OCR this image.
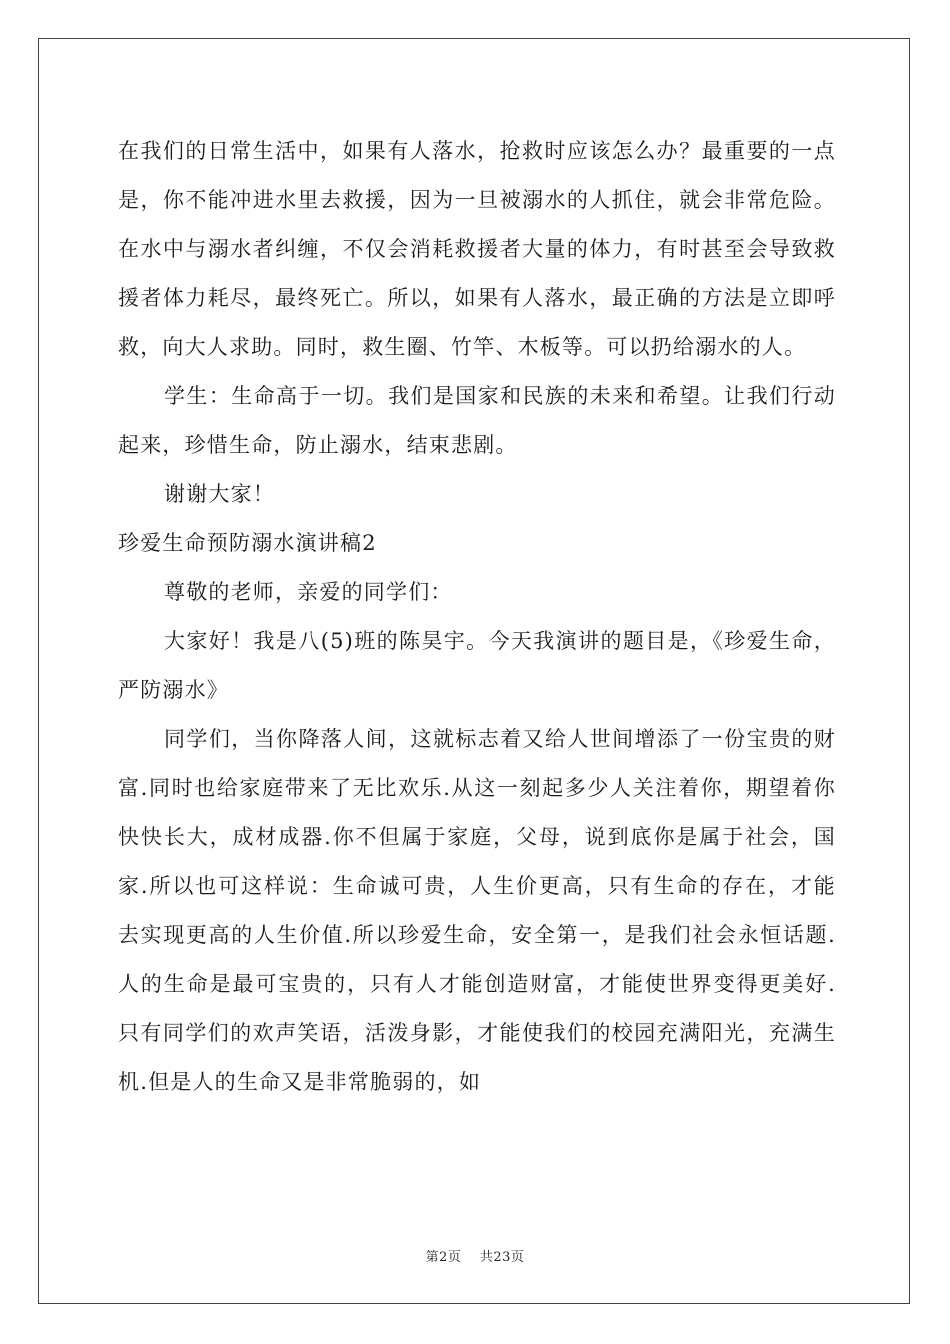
在我们的日常生活中，如果有人落水，抢救时应该怎么办？最重要的一点是，你不能冲进水里去救援，因为一旦被溺水的人抓住，就会非常危险。在水中与溺水者纠缠，不仅会消耗救援者大量的体力，有时甚至会导致救援者体力耗尽，最终死亡。所以，如果有人落水，最正确的方法是立即呼救，向大人求助。同时，救生圈、竹竿、木板等。可以扔给溺水的人。

学生：生命高于一切。我们是国家和民族的未来和希望。让我们行动起来，珍惜生命，防止溺水，结束悲剧。

谢谢大家！

珍爱生命预防溺水演讲稿2

尊敬的老师，亲爱的同学们：

大家好！我是八(5)班的陈昊宇。今天我演讲的题目是，《珍爱生命，严防溺水》

同学们，当你降落人间，这就标志着又给人世间增添了一份宝贵的财富.同时也给家庭带来了无比欢乐.从这一刻起多少人关注着你，期望着你快快长大，成材成器.你不但属于家庭，父母，说到底你是属于社会，国家.所以也可这样说：生命诚可贵，人生价更高，只有生命的存在，才能去实现更高的人生价值.所以珍爱生命，安全第一，是我们社会永恒话题.人的生命是最可宝贵的，只有人才能创造财富，才能使世界变得更美好.只有同学们的欢声笑语，活泼身影，才能使我们的校园充满阳光，充满生机.但是人的生命又是非常脆弱的，如

第2页 共23页
